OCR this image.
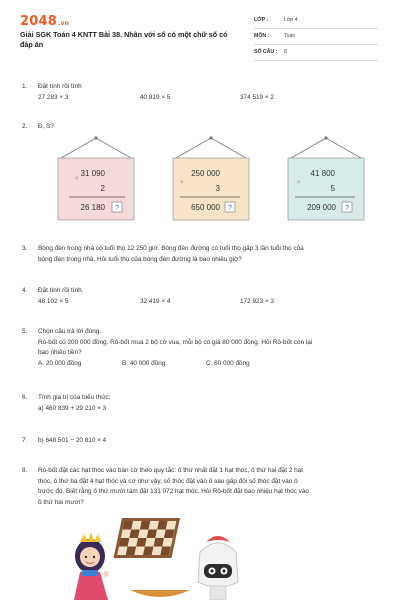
2048.vn
Giải SGK Toán 4 KNTT Bài 38. Nhân với số có một chữ số có đáp án
LỚP :	Lớp 4
MÔN :	Toán
SỐ CÂU : 8
1. Đặt tính rồi tính
27 283 × 3	40 819 × 5	374 519 × 2
2. Đ, S?
×
31 090
2
26 180 ?
×
250 000
3
650 000 ?
×
41 800
5
209 000 ?
3. Bóng đèn trong nhà có tuổi thọ 12 250 giờ. Bóng đèn đường có tuổi thọ gấp 3 lần tuổi thọ của
bóng đèn trong nhà. Hỏi tuổi thọ của bóng đèn đường là bao nhiêu giờ?
4. Đặt tính rồi tính.
48 102 × 5	32 419 × 4	172 923 × 3
5. Chọn câu trả lời đúng.
Rô-bốt có 200 000 đồng. Rô-bốt mua 2 bộ cờ vua, mỗi bộ có giá 80 000 đồng. Hỏi Rô-bốt còn lại
bao nhiêu tiền?
A. 20 000 đồng	B. 40 000 đồng	C. 60 000 đồng
6. Tính giá trị của biểu thức:
a) 460 839 + 29 210 × 3
7. b) 648 501 − 20 810 × 4
8. Rô-bốt đặt các hạt thóc vào bàn cờ theo quy tắc: ô thứ nhất đặt 1 hạt thóc, ô thứ hai đặt 2 hạt
thóc, ô thứ ba đặt 4 hạt thóc và cứ như vậy, số thóc đặt vào ô sau gấp đôi số thóc đặt vào ô
trước đó. Biết rằng ô thứ mười tám đặt 131 072 hạt thóc. Hỏi Rô-bốt đặt bao nhiêu hạt thóc vào
ô thứ hai mươi?
